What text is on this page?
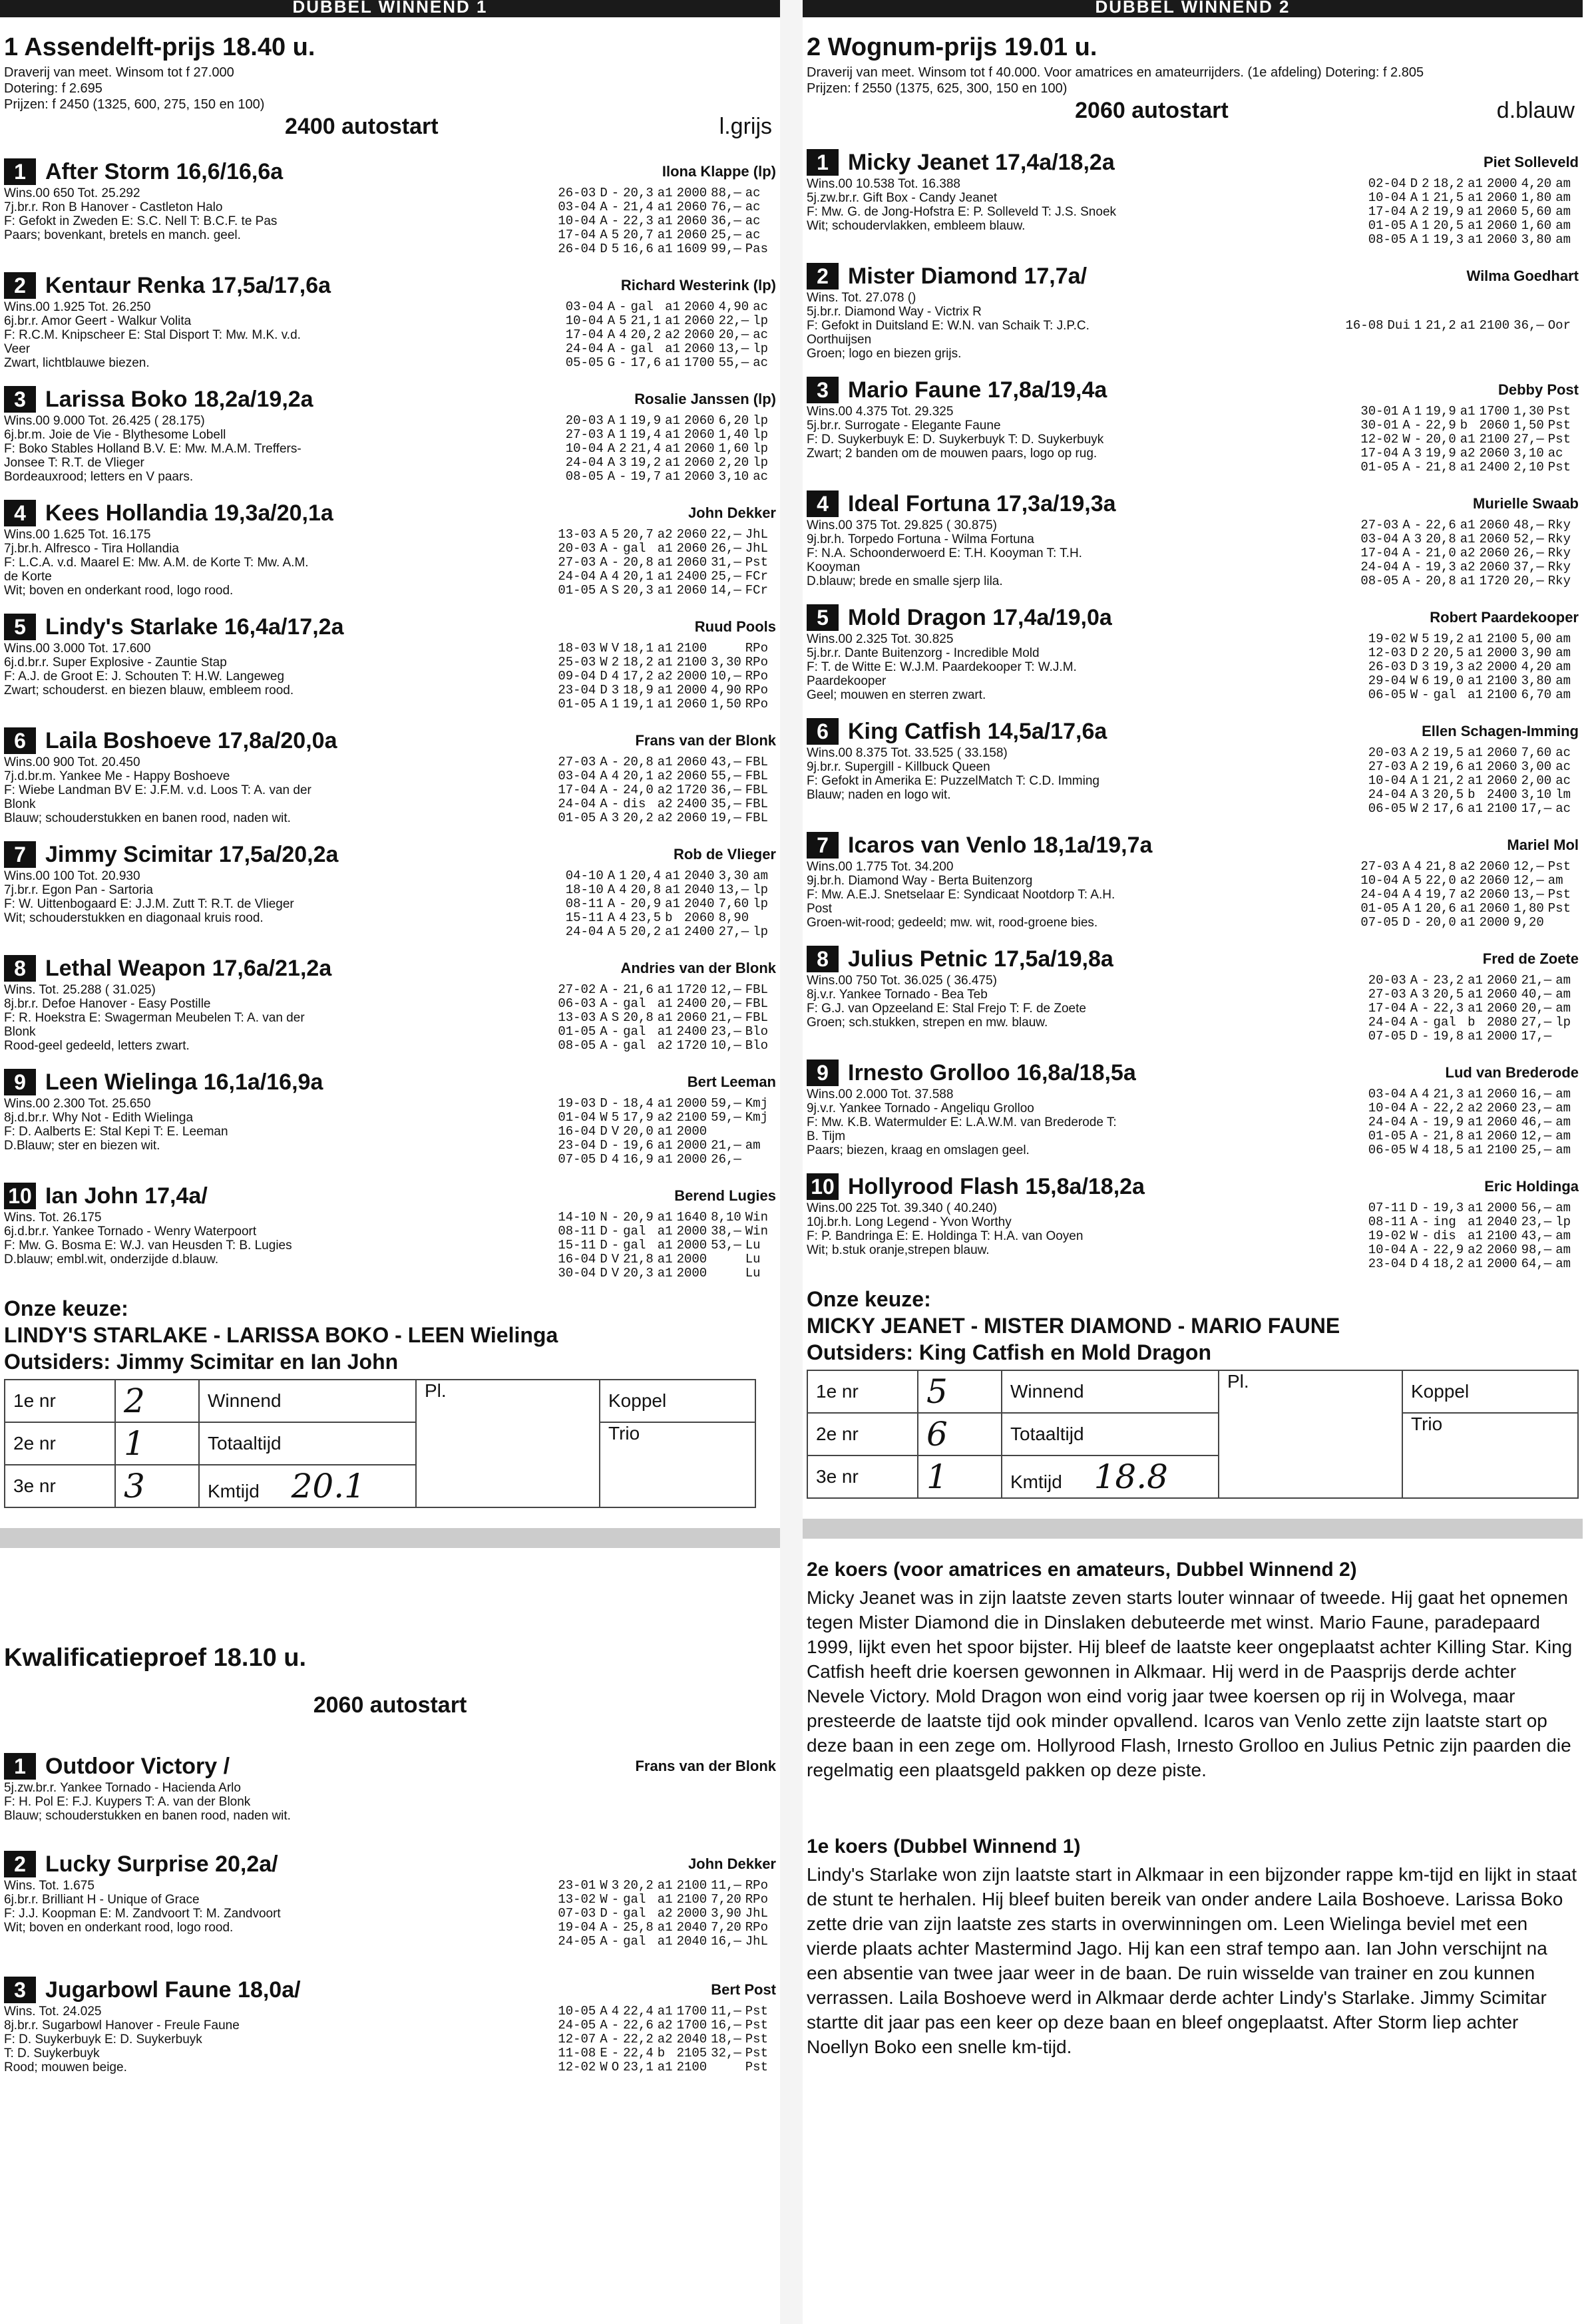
DUBBEL WINNEND 1
1 Assendelft-prijs 18.40 u.
Draverij van meet. Winsom tot f 27.000
Dotering: f 2.695
Prijzen: f 2450 (1325, 600, 275, 150 en 100)
2400 autostart	l.grijs
1 After Storm 16,6/16,6a	Ilona Klappe (lp)
Wins.00 650 Tot. 25.292
7j.br.r. Ron B Hanover - Castleton Halo
F: Gefokt in Zweden E: S.C. Nell T: B.C.F. te Pas
Paars; bovenkant, bretels en manch. geel.
26-03	D	-	20,3	a1	2000	88,—	ac
03-04	A	-	21,4	a1	2060	76,—	ac
10-04	A	-	22,3	a1	2060	36,—	ac
17-04	A	5	20,7	a1	2060	25,—	ac
26-04	D	5	16,6	a1	1609	99,—	Pas
2 Kentaur Renka 17,5a/17,6a	Richard Westerink (lp)
Wins.00 1.925 Tot. 26.250
6j.br.r. Amor Geert - Walkur Volita
F: R.C.M. Knipscheer E: Stal Disport T: Mw. M.K. v.d.
Veer
Zwart, lichtblauwe biezen.
03-04	A	-	gal	a1	2060	4,90	ac
10-04	A	5	21,1	a1	2060	22,—	lp
17-04	A	4	20,2	a2	2060	20,—	ac
24-04	A	-	gal	a1	2060	13,—	lp
05-05	G	-	17,6	a1	1700	55,—	ac
3 Larissa Boko 18,2a/19,2a	Rosalie Janssen (lp)
Wins.00 9.000 Tot. 26.425 ( 28.175)
6j.br.m. Joie de Vie - Blythesome Lobell
F: Boko Stables Holland B.V. E: Mw. M.A.M. Treffers-
Jonsee T: R.T. de Vlieger
Bordeauxrood; letters en V paars.
20-03	A	1	19,9	a1	2060	6,20	lp
27-03	A	1	19,4	a1	2060	1,40	lp
10-04	A	2	21,4	a1	2060	1,60	lp
24-04	A	3	19,2	a1	2060	2,20	lp
08-05	A	-	19,7	a1	2060	3,10	ac
4 Kees Hollandia 19,3a/20,1a	John Dekker
Wins.00 1.625 Tot. 16.175
7j.br.h. Alfresco - Tira Hollandia
F: L.C.A. v.d. Maarel E: Mw. A.M. de Korte T: Mw. A.M.
de Korte
Wit; boven en onderkant rood, logo rood.
13-03	A	5	20,7	a2	2060	22,—	JhL
20-03	A	-	gal	a1	2060	26,—	JhL
27-03	A	-	20,8	a1	2060	31,—	Pst
24-04	A	4	20,1	a1	2400	25,—	FCr
01-05	A	S	20,3	a1	2060	14,—	FCr
5 Lindy's Starlake 16,4a/17,2a	Ruud Pools
Wins.00 3.000 Tot. 17.600
6j.d.br.r. Super Explosive - Zauntie Stap
F: A.J. de Groot E: J. Schouten T: H.W. Langeweg
Zwart; schouderst. en biezen blauw, embleem rood.
18-03	W	V	18,1	a1	2100		RPo
25-03	W	2	18,2	a1	2100	3,30	RPo
09-04	D	4	17,2	a2	2000	10,—	RPo
23-04	D	3	18,9	a1	2000	4,90	RPo
01-05	A	1	19,1	a1	2060	1,50	RPo
6 Laila Boshoeve 17,8a/20,0a	Frans van der Blonk
Wins.00 900 Tot. 20.450
7j.d.br.m. Yankee Me - Happy Boshoeve
F: Wiebe Landman BV E: J.F.M. v.d. Loos T: A. van der
Blonk
Blauw; schouderstukken en banen rood, naden wit.
27-03	A	-	20,8	a1	2060	43,—	FBL
03-04	A	4	20,1	a2	2060	55,—	FBL
17-04	A	-	24,0	a2	1720	36,—	FBL
24-04	A	-	dis	a2	2400	35,—	FBL
01-05	A	3	20,2	a2	2060	19,—	FBL
7 Jimmy Scimitar 17,5a/20,2a	Rob de Vlieger
Wins.00 100 Tot. 20.930
7j.br.r. Egon Pan - Sartoria
F: W. Uittenbogaard E: J.J.M. Zutt T: R.T. de Vlieger
Wit; schouderstukken en diagonaal kruis rood.
04-10	A	1	20,4	a1	2040	3,30	am
18-10	A	4	20,8	a1	2040	13,—	lp
08-11	A	-	20,9	a1	2040	7,60	lp
15-11	A	4	23,5	b	2060	8,90	
24-04	A	5	20,2	a1	2400	27,—	lp
8 Lethal Weapon 17,6a/21,2a	Andries van der Blonk
Wins. Tot. 25.288 ( 31.025)
8j.br.r. Defoe Hanover - Easy Postille
F: R. Hoekstra E: Swagerman Meubelen T: A. van der
Blonk
Rood-geel gedeeld, letters zwart.
27-02	A	-	21,6	a1	1720	12,—	FBL
06-03	A	-	gal	a1	2400	20,—	FBL
13-03	A	S	20,8	a1	2060	21,—	FBL
01-05	A	-	gal	a1	2400	23,—	Blo
08-05	A	-	gal	a2	1720	10,—	Blo
9 Leen Wielinga 16,1a/16,9a	Bert Leeman
Wins.00 2.300 Tot. 25.650
8j.d.br.r. Why Not - Edith Wielinga
F: D. Aalberts E: Stal Kepi T: E. Leeman
D.Blauw; ster en biezen wit.
19-03	D	-	18,4	a1	2000	59,—	Kmj
01-04	W	5	17,9	a2	2100	59,—	Kmj
16-04	D	V	20,0	a1	2000		
23-04	D	-	19,6	a1	2000	21,—	am
07-05	D	4	16,9	a1	2000	26,—	
10 Ian John 17,4a/	Berend Lugies
Wins. Tot. 26.175
6j.d.br.r. Yankee Tornado - Wenry Waterpoort
F: Mw. G. Bosma E: W.J. van Heusden T: B. Lugies
D.blauw; embl.wit, onderzijde d.blauw.
14-10	N	-	20,9	a1	1640	8,10	Win
08-11	D	-	gal	a1	2000	38,—	Win
15-11	D	-	gal	a1	2000	53,—	Lu
16-04	D	V	21,8	a1	2000		Lu
30-04	D	V	20,3	a1	2000		Lu
Onze keuze:
LINDY'S STARLAKE - LARISSA BOKO - LEEN Wielinga
Outsiders: Jimmy Scimitar en Ian John
1e nr	2	Winnend	Pl.	Koppel
2e nr	1	Totaaltijd		Trio
3e nr	3	Kmtijd 20.1		
Kwalificatieproef 18.10 u.
2060 autostart
1 Outdoor Victory /	Frans van der Blonk
5j.zw.br.r. Yankee Tornado - Hacienda Arlo
F: H. Pol E: F.J. Kuypers T: A. van der Blonk
Blauw; schouderstukken en banen rood, naden wit.
2 Lucky Surprise 20,2a/	John Dekker
Wins. Tot. 1.675
6j.br.r. Brilliant H - Unique of Grace
F: J.J. Koopman E: M. Zandvoort T: M. Zandvoort
Wit; boven en onderkant rood, logo rood.
23-01	W	3	20,2	a1	2100	11,—	RPo
13-02	W	-	gal	a1	2100	7,20	RPo
07-03	D	-	gal	a2	2000	3,90	JhL
19-04	A	-	25,8	a1	2040	7,20	RPo
24-05	A	-	gal	a1	2040	16,—	JhL
3 Jugarbowl Faune 18,0a/	Bert Post
Wins. Tot. 24.025
8j.br.r. Sugarbowl Hanover - Freule Faune
F: D. Suykerbuyk E: D. Suykerbuyk
T: D. Suykerbuyk
Rood; mouwen beige.
10-05	A	4	22,4	a1	1700	11,—	Pst
24-05	A	-	22,6	a2	1700	16,—	Pst
12-07	A	-	22,2	a2	2040	18,—	Pst
11-08	E	-	22,4	b	2105	32,—	Pst
12-02	W	O	23,1	a1	2100		Pst
DUBBEL WINNEND 2
2 Wognum-prijs 19.01 u.
Draverij van meet. Winsom tot f 40.000. Voor amatrices en amateurrijders. (1e afdeling) Dotering: f 2.805
Prijzen: f 2550 (1375, 625, 300, 150 en 100)
2060 autostart	d.blauw
1 Micky Jeanet 17,4a/18,2a	Piet Solleveld
Wins.00 10.538 Tot. 16.388
5j.zw.br.r. Gift Box - Candy Jeanet
F: Mw. G. de Jong-Hofstra E: P. Solleveld T: J.S. Snoek
Wit; schoudervlakken, embleem blauw.
02-04	D	2	18,2	a1	2000	4,20	am
10-04	A	1	21,5	a1	2060	1,80	am
17-04	A	2	19,9	a1	2060	5,60	am
01-05	A	1	20,5	a1	2060	1,60	am
08-05	A	1	19,3	a1	2060	3,80	am
2 Mister Diamond 17,7a/	Wilma Goedhart
Wins. Tot. 27.078 ()
5j.br.r. Diamond Way - Victrix R
F: Gefokt in Duitsland E: W.N. van Schaik T: J.P.C.
Oorthuijsen
Groen; logo en biezen grijs.
16-08	Dui	1	21,2	a1	2100	36,—	Oor
3 Mario Faune 17,8a/19,4a	Debby Post
Wins.00 4.375 Tot. 29.325
5j.br.r. Surrogate - Elegante Faune
F: D. Suykerbuyk E: D. Suykerbuyk T: D. Suykerbuyk
Zwart; 2 banden om de mouwen paars, logo op rug.
30-01	A	1	19,9	a1	1700	1,30	Pst
30-01	A	-	22,9	b	2060	1,50	Pst
12-02	W	-	20,0	a1	2100	27,—	Pst
17-04	A	3	19,9	a2	2060	3,10	ac
01-05	A	-	21,8	a1	2400	2,10	Pst
4 Ideal Fortuna 17,3a/19,3a	Murielle Swaab
Wins.00 375 Tot. 29.825 ( 30.875)
9j.br.h. Torpedo Fortuna - Wilma Fortuna
F: N.A. Schoonderwoerd E: T.H. Kooyman T: T.H.
Kooyman
D.blauw; brede en smalle sjerp lila.
27-03	A	-	22,6	a1	2060	48,—	Rky
03-04	A	3	20,8	a1	2060	52,—	Rky
17-04	A	-	21,0	a2	2060	26,—	Rky
24-04	A	-	19,3	a2	2060	37,—	Rky
08-05	A	-	20,8	a1	1720	20,—	Rky
5 Mold Dragon 17,4a/19,0a	Robert Paardekooper
Wins.00 2.325 Tot. 30.825
5j.br.r. Dante Buitenzorg - Incredible Mold
F: T. de Witte E: W.J.M. Paardekooper T: W.J.M.
Paardekooper
Geel; mouwen en sterren zwart.
19-02	W	5	19,2	a1	2100	5,00	am
12-03	D	2	20,5	a1	2000	3,90	am
26-03	D	3	19,3	a2	2000	4,20	am
29-04	W	6	19,0	a1	2100	3,80	am
06-05	W	-	gal	a1	2100	6,70	am
6 King Catfish 14,5a/17,6a	Ellen Schagen-Imming
Wins.00 8.375 Tot. 33.525 ( 33.158)
9j.br.r. Supergill - Killbuck Queen
F: Gefokt in Amerika E: PuzzelMatch T: C.D. Imming
Blauw; naden en logo wit.
20-03	A	2	19,5	a1	2060	7,60	ac
27-03	A	2	19,6	a1	2060	3,00	ac
10-04	A	1	21,2	a1	2060	2,00	ac
24-04	A	3	20,5	b	2400	3,10	lm
06-05	W	2	17,6	a1	2100	17,—	ac
7 Icaros van Venlo 18,1a/19,7a	Mariel Mol
Wins.00 1.775 Tot. 34.200
9j.br.h. Diamond Way - Berta Buitenzorg
F: Mw. A.E.J. Snetselaar E: Syndicaat Nootdorp T: A.H.
Post
Groen-wit-rood; gedeeld; mw. wit, rood-groene bies.
27-03	A	4	21,8	a2	2060	12,—	Pst
10-04	A	5	22,0	a2	2060	12,—	am
24-04	A	4	19,7	a2	2060	13,—	Pst
01-05	A	1	20,6	a1	2060	1,80	Pst
07-05	D	-	20,0	a1	2000	9,20	
8 Julius Petnic 17,5a/19,8a	Fred de Zoete
Wins.00 750 Tot. 36.025 ( 36.475)
8j.v.r. Yankee Tornado - Bea Teb
F: G.J. van Opzeeland E: Stal Frejo T: F. de Zoete
Groen; sch.stukken, strepen en mw. blauw.
20-03	A	-	23,2	a1	2060	21,—	am
27-03	A	3	20,5	a1	2060	40,—	am
17-04	A	-	22,3	a1	2060	20,—	am
24-04	A	-	gal	b	2080	27,—	lp
07-05	D	-	19,8	a1	2000	17,—	
9 Irnesto Grolloo 16,8a/18,5a	Lud van Brederode
Wins.00 2.000 Tot. 37.588
9j.v.r. Yankee Tornado - Angeliqu Grolloo
F: Mw. K.B. Watermulder E: L.A.W.M. van Brederode T:
B. Tijm
Paars; biezen, kraag en omslagen geel.
03-04	A	4	21,3	a1	2060	16,—	am
10-04	A	-	22,2	a2	2060	23,—	am
24-04	A	-	19,9	a1	2060	46,—	am
01-05	A	-	21,8	a1	2060	12,—	am
06-05	W	4	18,5	a1	2100	25,—	am
10 Hollyrood Flash 15,8a/18,2a	Eric Holdinga
Wins.00 225 Tot. 39.340 ( 40.240)
10j.br.h. Long Legend - Yvon Worthy
F: P. Bandringa E: E. Holdinga T: H.A. van Ooyen
Wit; b.stuk oranje,strepen blauw.
07-11	D	-	19,3	a1	2000	56,—	am
08-11	A	-	ing	a1	2040	23,—	lp
19-02	W	-	dis	a1	2100	43,—	am
10-04	A	-	22,9	a2	2060	98,—	am
23-04	D	4	18,2	a1	2000	64,—	am
Onze keuze:
MICKY JEANET - MISTER DIAMOND - MARIO FAUNE
Outsiders: King Catfish en Mold Dragon
1e nr	5	Winnend	Pl.	Koppel
2e nr	6	Totaaltijd		Trio
3e nr	1	Kmtijd 18.8		
2e koers (voor amatrices en amateurs, Dubbel Winnend 2)

Micky Jeanet was in zijn laatste zeven starts louter winnaar of tweede. Hij gaat het opnemen tegen Mister Diamond die in Dinslaken debuteerde met winst. Mario Faune, paradepaard 1999, lijkt even het spoor bijster. Hij bleef de laatste keer ongeplaatst achter Killing Star. King Catfish heeft drie koersen gewonnen in Alkmaar. Hij werd in de Paasprijs derde achter Nevele Victory. Mold Dragon won eind vorig jaar twee koersen op rij in Wolvega, maar presteerde de laatste tijd ook minder opvallend. Icaros van Venlo zette zijn laatste start op deze baan in een zege om. Hollyrood Flash, Irnesto Grolloo en Julius Petnic zijn paarden die regelmatig een plaatsgeld pakken op deze piste.

1e koers (Dubbel Winnend 1)

Lindy's Starlake won zijn laatste start in Alkmaar in een bijzonder rappe km-tijd en lijkt in staat de stunt te herhalen. Hij bleef buiten bereik van onder andere Laila Boshoeve. Larissa Boko zette drie van zijn laatste zes starts in overwinningen om. Leen Wielinga beviel met een vierde plaats achter Mastermind Jago. Hij kan een straf tempo aan. Ian John verschijnt na een absentie van twee jaar weer in de baan. De ruin wisselde van trainer en zou kunnen verrassen. Laila Boshoeve werd in Alkmaar derde achter Lindy's Starlake. Jimmy Scimitar startte dit jaar pas een keer op deze baan en bleef ongeplaatst. After Storm liep achter Noellyn Boko een snelle km-tijd.
